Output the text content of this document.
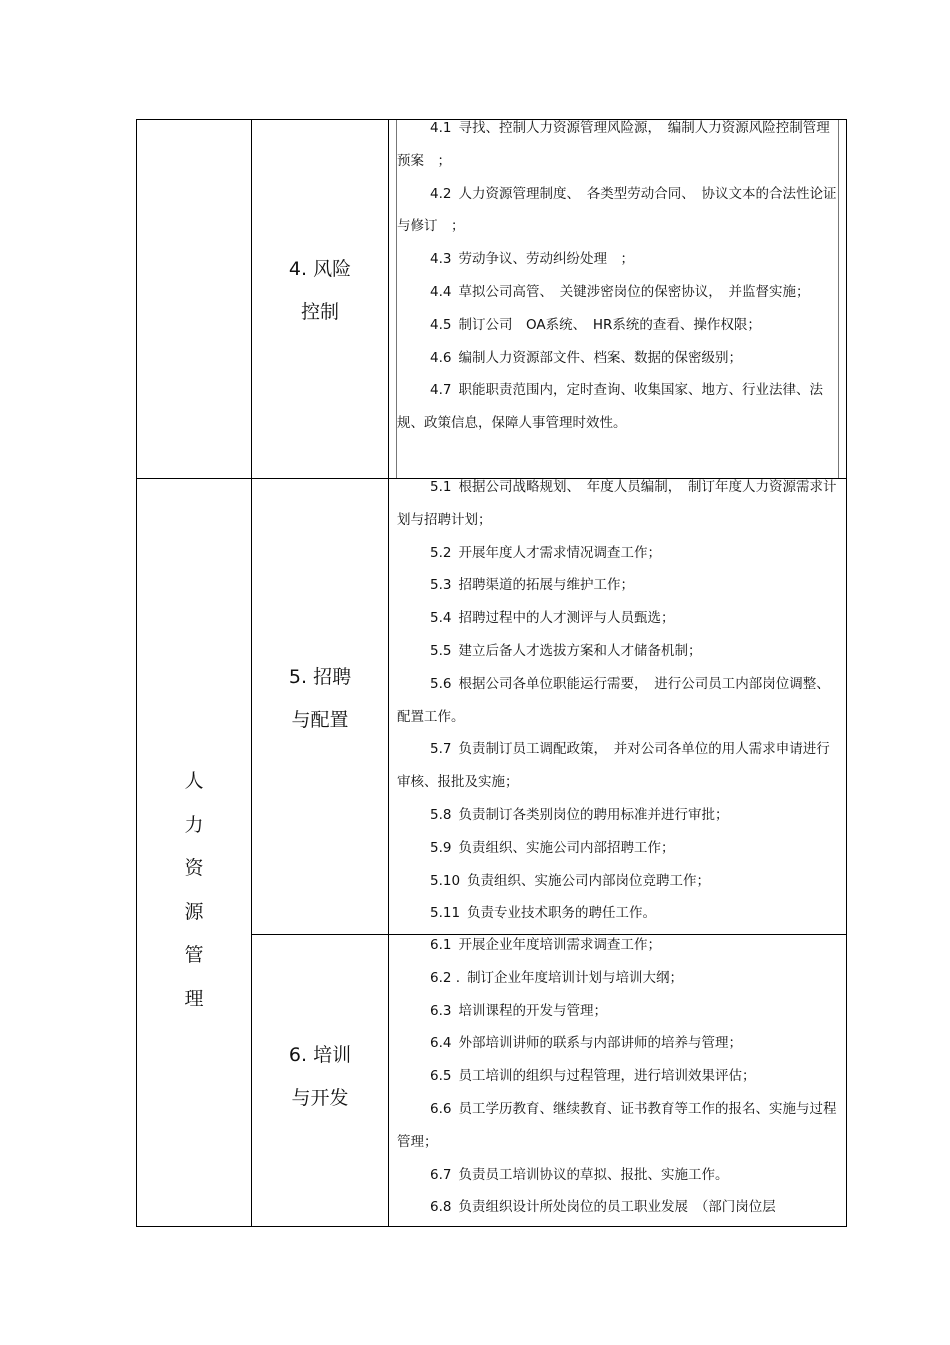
人
力
资
源
管
理
4. 风险
控制
4.1 寻找、控制人力资源管理风险源，　编制人力资源风险控制管理预案　；
4.2 人力资源管理制度、　各类型劳动合同、　协议文本的合法性论证与修订　；
4.3 劳动争议、劳动纠纷处理　；
4.4 草拟公司高管、　关键涉密岗位的保密协议，　并监督实施；
4.5 制订公司　OA系统、　HR系统的查看、操作权限；
4.6 编制人力资源部文件、档案、数据的保密级别；
4.7 职能职责范围内，定时查询、收集国家、地方、行业法律、法规、政策信息，保障人事管理时效性。
5. 招聘
与配置
5.1 根据公司战略规划、　年度人员编制，　制订年度人力资源需求计划与招聘计划；
5.2 开展年度人才需求情况调查工作；
5.3 招聘渠道的拓展与维护工作；
5.4 招聘过程中的人才测评与人员甄选；
5.5 建立后备人才选拔方案和人才储备机制；
5.6 根据公司各单位职能运行需要，　进行公司员工内部岗位调整、配置工作。
5.7 负责制订员工调配政策，　并对公司各单位的用人需求申请进行审核、报批及实施；
5.8 负责制订各类别岗位的聘用标准并进行审批；
5.9 负责组织、实施公司内部招聘工作；
5.10 负责组织、实施公司内部岗位竞聘工作；
5.11 负责专业技术职务的聘任工作。
6. 培训
与开发
6.1 开展企业年度培训需求调查工作；
6.2 . 制订企业年度培训计划与培训大纲；
6.3 培训课程的开发与管理；
6.4 外部培训讲师的联系与内部讲师的培养与管理；
6.5 员工培训的组织与过程管理，进行培训效果评估；
6.6 员工学历教育、继续教育、证书教育等工作的报名、实施与过程管理；
6.7 负责员工培训协议的草拟、报批、实施工作。
6.8 负责组织设计所处岗位的员工职业发展　（部门岗位层
